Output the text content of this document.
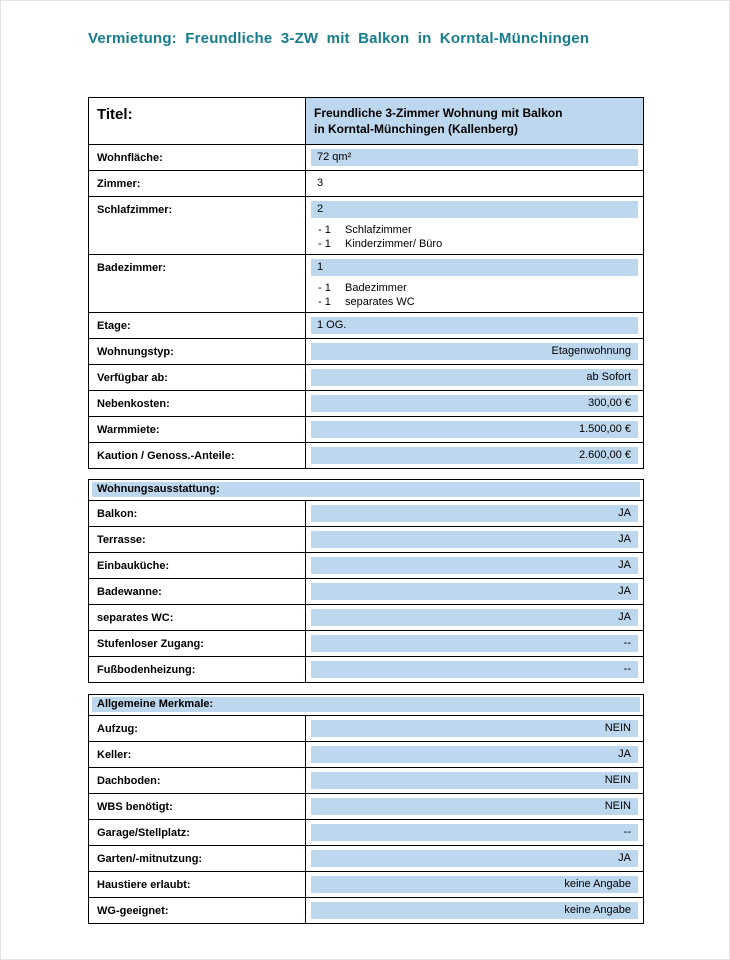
Vermietung: Freundliche 3-ZW mit Balkon in Korntal-Münchingen
Titel:	Freundliche 3-Zimmer Wohnung mit Balkon
in Korntal-Münchingen (Kallenberg)
Wohnfläche:	72 qm²
Zimmer:	3
Schlafzimmer:	2
- 1 Schlafzimmer
- 1 Kinderzimmer/ Büro
Badezimmer:	1
- 1 Badezimmer
- 1 separates WC
Etage:	1 OG.
Wohnungstyp:	Etagenwohnung
Verfügbar ab:	ab Sofort
Nebenkosten:	300,00 €
Warmmiete:	1.500,00 €
Kaution / Genoss.-Anteile:	2.600,00 €
Wohnungsausstattung:
Balkon:	JA
Terrasse:	JA
Einbauküche:	JA
Badewanne:	JA
separates WC:	JA
Stufenloser Zugang:	--
Fußbodenheizung:	--
Allgemeine Merkmale:
Aufzug:	NEIN
Keller:	JA
Dachboden:	NEIN
WBS benötigt:	NEIN
Garage/Stellplatz:	--
Garten/-mitnutzung:	JA
Haustiere erlaubt:	keine Angabe
WG-geeignet:	keine Angabe
